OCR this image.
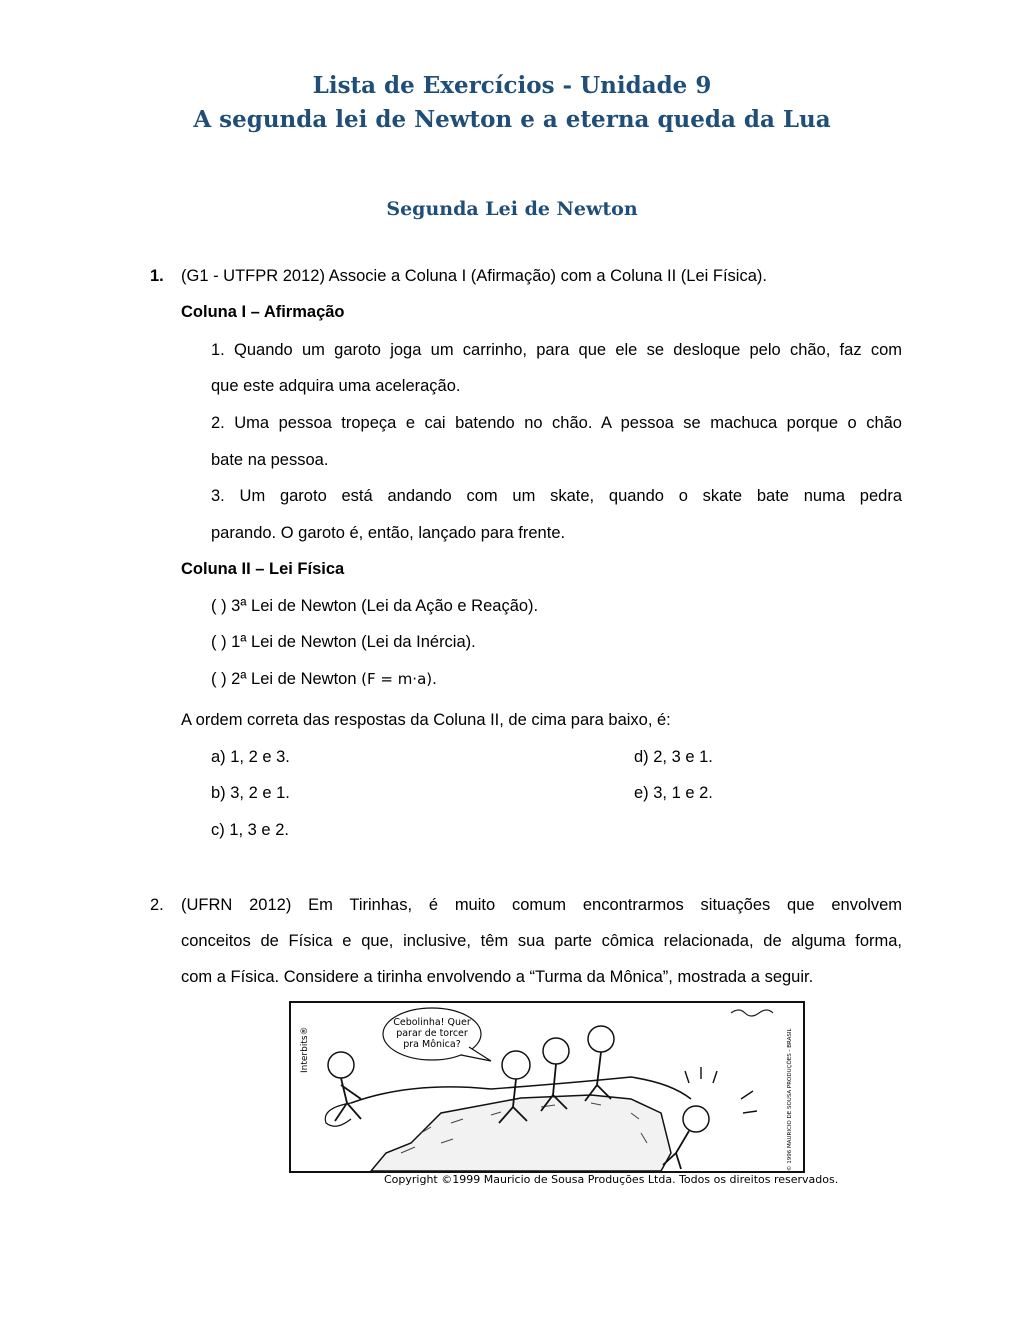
Lista de Exercícios - Unidade 9
A segunda lei de Newton e a eterna queda da Lua
Segunda Lei de Newton
1. (G1 - UTFPR 2012) Associe a Coluna I (Afirmação) com a Coluna II (Lei Física).
Coluna I – Afirmação
1. Quando um garoto joga um carrinho, para que ele se desloque pelo chão, faz com
que este adquira uma aceleração.
2. Uma pessoa tropeça e cai batendo no chão. A pessoa se machuca porque o chão
bate na pessoa.
3. Um garoto está andando com um skate, quando o skate bate numa pedra
parando. O garoto é, então, lançado para frente.
Coluna II – Lei Física
( ) 3ª Lei de Newton (Lei da Ação e Reação).
( ) 1ª Lei de Newton (Lei da Inércia).
( ) 2ª Lei de Newton (F = m·a).
A ordem correta das respostas da Coluna II, de cima para baixo, é:
a) 1, 2 e 3.	d) 2, 3 e 1.
b) 3, 2 e 1.	e) 3, 1 e 2.
c) 1, 3 e 2.
2. (UFRN 2012) Em Tirinhas, é muito comum encontrarmos situações que envolvem
conceitos de Física e que, inclusive, têm sua parte cômica relacionada, de alguma forma,
com a Física. Considere a tirinha envolvendo a “Turma da Mônica”, mostrada a seguir.
Interbits®	© 1996 MAURICIO DE SOUSA PRODUÇÕES - BRASIL
Cebolinha! Quer
parar de torcer
pra Mônica?
Copyright ©1999 Mauricio de Sousa Produções Ltda. Todos os direitos reservados.
